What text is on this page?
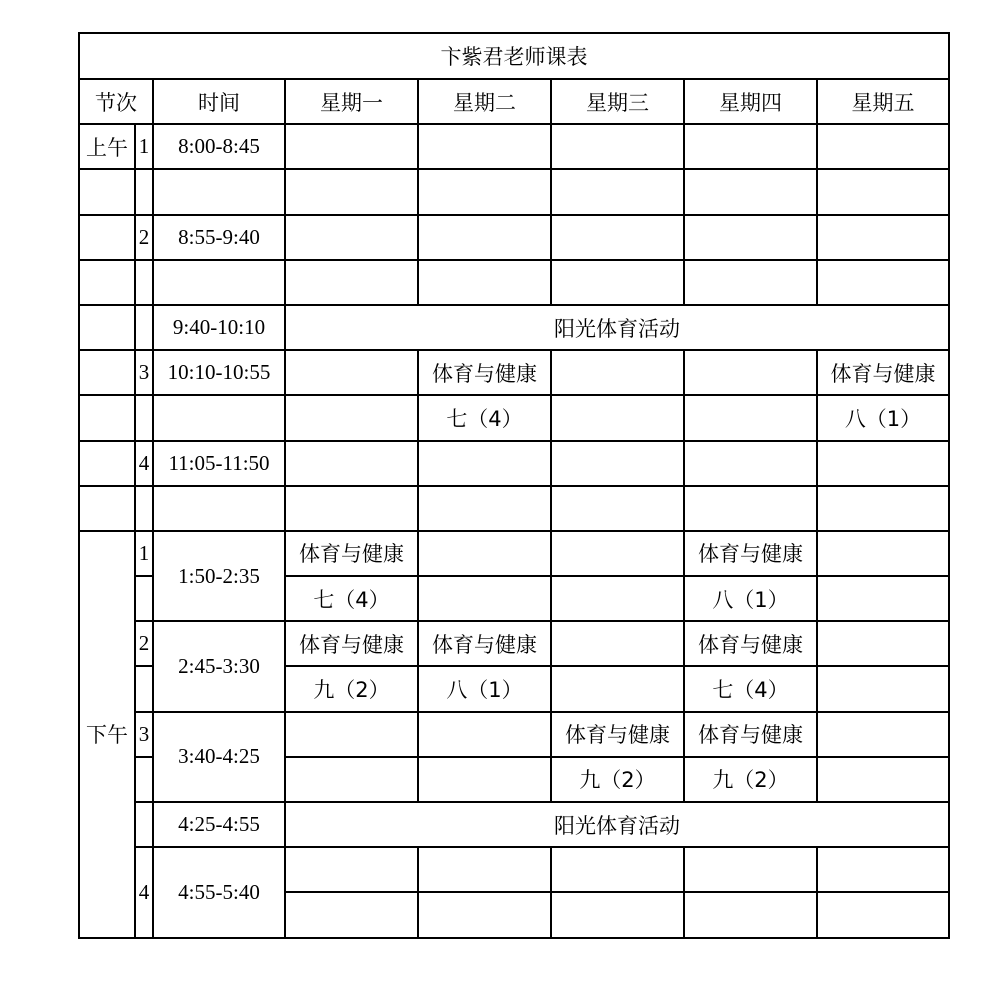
卞紫君老师课表							
节次		时间	星期一	星期二	星期三	星期四	星期五
上午	1	8:00-8:45					

	2	8:55-9:40					

		9:40-10:10	阳光体育活动				
	3	10:10-10:55		体育与健康			体育与健康
				七（4）			八（1）
	4	11:05-11:50					

下午	1	1:50-2:35	体育与健康			体育与健康	
			七（4）			八（1）	
	2	2:45-3:30	体育与健康	体育与健康		体育与健康	
			九（2）	八（1）		七（4）	
	3	3:40-4:25			体育与健康	体育与健康	
					九（2）	九（2）	
		4:25-4:55	阳光体育活动				
	4	4:55-5:40					
